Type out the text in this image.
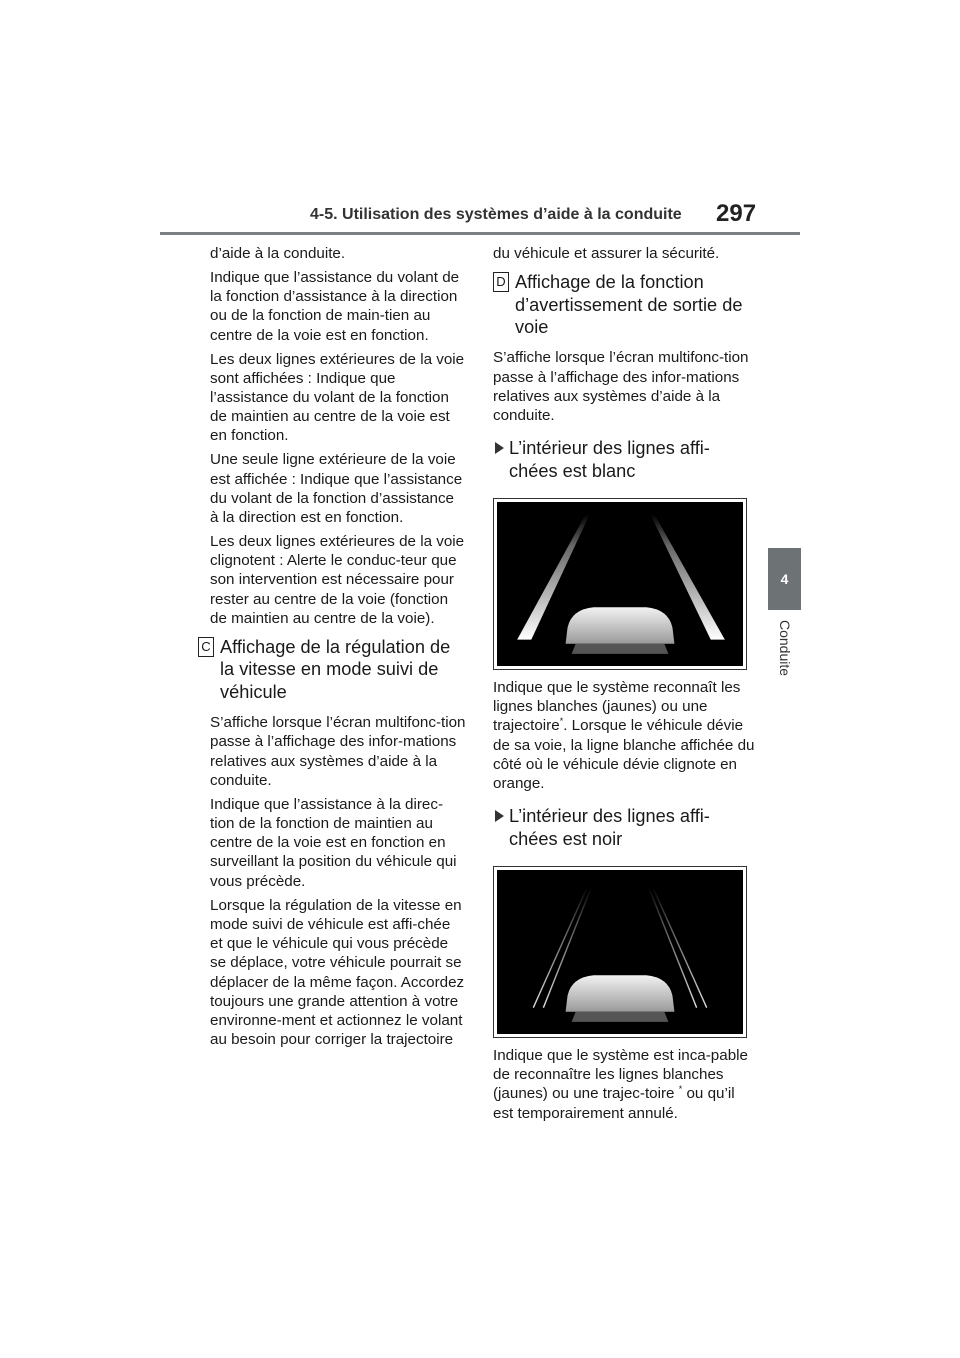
4-5. Utilisation des systèmes d’aide à la conduite 297
4
Conduite

d’aide à la conduite.

Indique que l’assistance du volant de la fonction d’assistance à la direction ou de la fonction de main-tien au centre de la voie est en fonction.

Les deux lignes extérieures de la voie sont affichées : Indique que l’assistance du volant de la fonction de maintien au centre de la voie est en fonction.

Une seule ligne extérieure de la voie est affichée : Indique que l’assistance du volant de la fonction d’assistance à la direction est en fonction.

Les deux lignes extérieures de la voie clignotent : Alerte le conduc-teur que son intervention est nécessaire pour rester au centre de la voie (fonction de maintien au centre de la voie).

C Affichage de la régulation de la vitesse en mode suivi de véhicule

S’affiche lorsque l’écran multifonc-tion passe à l’affichage des infor-mations relatives aux systèmes d’aide à la conduite.

Indique que l’assistance à la direc-tion de la fonction de maintien au centre de la voie est en fonction en surveillant la position du véhicule qui vous précède.

Lorsque la régulation de la vitesse en mode suivi de véhicule est affi-chée et que le véhicule qui vous précède se déplace, votre véhicule pourrait se déplacer de la même façon. Accordez toujours une grande attention à votre environne-ment et actionnez le volant au besoin pour corriger la trajectoire

du véhicule et assurer la sécurité.

D Affichage de la fonction d’avertissement de sortie de voie

S’affiche lorsque l’écran multifonc-tion passe à l’affichage des infor-mations relatives aux systèmes d’aide à la conduite.

L’intérieur des lignes affi-chées est blanc

Indique que le système reconnaît les lignes blanches (jaunes) ou une trajectoire*. Lorsque le véhicule dévie de sa voie, la ligne blanche affichée du côté où le véhicule dévie clignote en orange.

L’intérieur des lignes affi-chées est noir

Indique que le système est inca-pable de reconnaître les lignes blanches (jaunes) ou une trajec-toire * ou qu’il est temporairement annulé.
